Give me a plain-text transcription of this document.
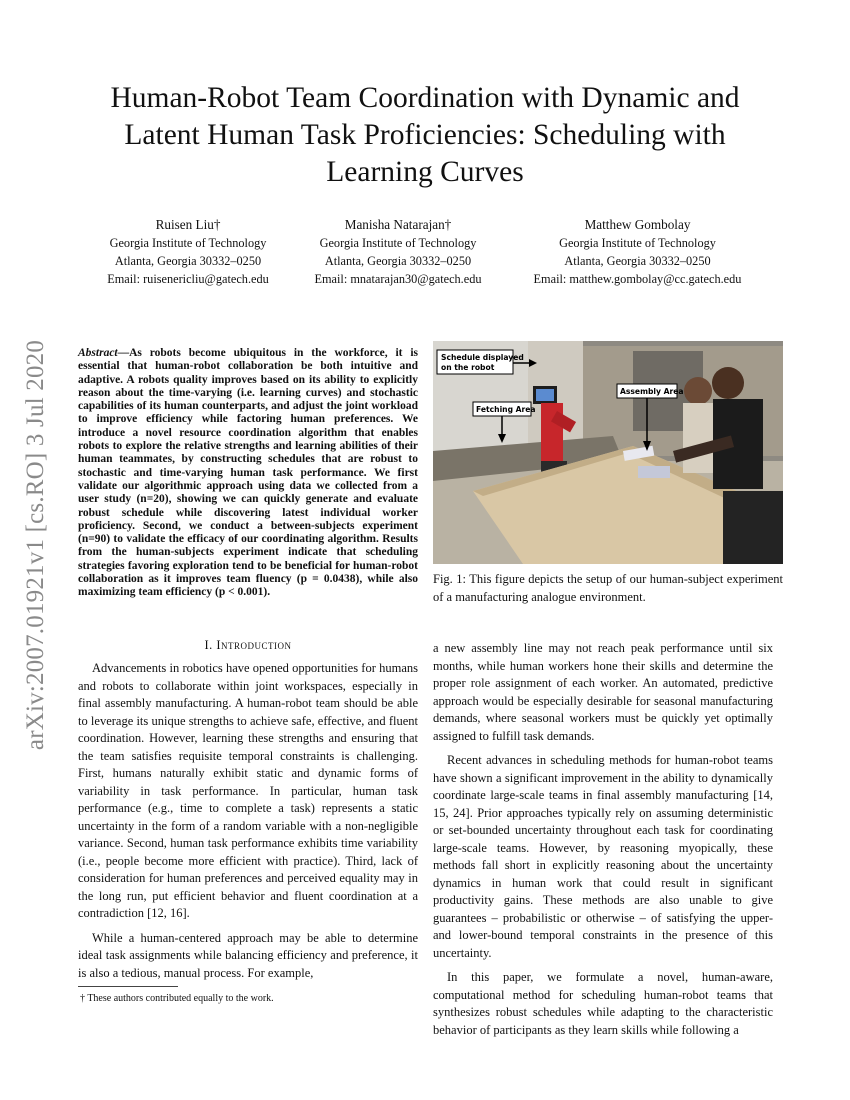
arXiv:2007.01921v1 [cs.RO] 3 Jul 2020
Human-Robot Team Coordination with Dynamic and Latent Human Task Proficiencies: Scheduling with Learning Curves
Ruisen Liu†
Georgia Institute of Technology
Atlanta, Georgia 30332–0250
Email: ruisenericliu@gatech.edu
Manisha Natarajan†
Georgia Institute of Technology
Atlanta, Georgia 30332–0250
Email: mnatarajan30@gatech.edu
Matthew Gombolay
Georgia Institute of Technology
Atlanta, Georgia 30332–0250
Email: matthew.gombolay@cc.gatech.edu
Abstract—As robots become ubiquitous in the workforce, it is essential that human-robot collaboration be both intuitive and adaptive. A robots quality improves based on its ability to explicitly reason about the time-varying (i.e. learning curves) and stochastic capabilities of its human counterparts, and adjust the joint workload to improve efficiency while factoring human preferences. We introduce a novel resource coordination algorithm that enables robots to explore the relative strengths and learning abilities of their human teammates, by constructing schedules that are robust to stochastic and time-varying human task performance. We first validate our algorithmic approach using data we collected from a user study (n=20), showing we can quickly generate and evaluate robust schedule while discovering latest individual worker proficiency. Second, we conduct a between-subjects experiment (n=90) to validate the efficacy of our coordinating algorithm. Results from the human-subjects experiment indicate that scheduling strategies favoring exploration tend to be beneficial for human-robot collaboration as it improves team fluency (p = 0.0438), while also maximizing team efficiency (p < 0.001).
I. Introduction

Advancements in robotics have opened opportunities for humans and robots to collaborate within joint workspaces, especially in final assembly manufacturing. A human-robot team should be able to leverage its unique strengths to achieve safe, effective, and fluent coordination. However, learning these strengths and ensuring that the team satisfies requisite temporal constraints is challenging. First, humans naturally exhibit static and dynamic forms of variability in task performance. In particular, human task performance (e.g., time to complete a task) represents a static uncertainty in the form of a random variable with a non-negligible variance. Second, human task performance exhibits time variability (i.e., people become more efficient with practice). Third, lack of consideration for human preferences and perceived equality may in the long run, put efficient behavior and fluent coordination at a contradiction [12, 16].

While a human-centered approach may be able to determine ideal task assignments while balancing efficiency and preference, it is also a tedious, manual process. For example,

† These authors contributed equally to the work.
Schedule displayed
on the robot
Assembly Area
Fetching Area
Fig. 1: This figure depicts the setup of our human-subject experiment of a manufacturing analogue environment.

a new assembly line may not reach peak performance until six months, while human workers hone their skills and determine the proper role assignment of each worker. An automated, predictive approach would be especially desirable for seasonal manufacturing demands, where seasonal workers must be quickly yet optimally assigned to fulfill task demands.

Recent advances in scheduling methods for human-robot teams have shown a significant improvement in the ability to dynamically coordinate large-scale teams in final assembly manufacturing [14, 15, 24]. Prior approaches typically rely on assuming deterministic or set-bounded uncertainty throughout each task for coordinating large-scale teams. However, by reasoning myopically, these methods fall short in explicitly reasoning about the uncertainty dynamics in human work that could result in significant productivity gains. These methods are also unable to give guarantees – probabilistic or otherwise – of satisfying the upper- and lower-bound temporal constraints in the presence of this uncertainty.

In this paper, we formulate a novel, human-aware, computational method for scheduling human-robot teams that synthesizes robust schedules while adapting to the characteristic behavior of participants as they learn skills while following a
